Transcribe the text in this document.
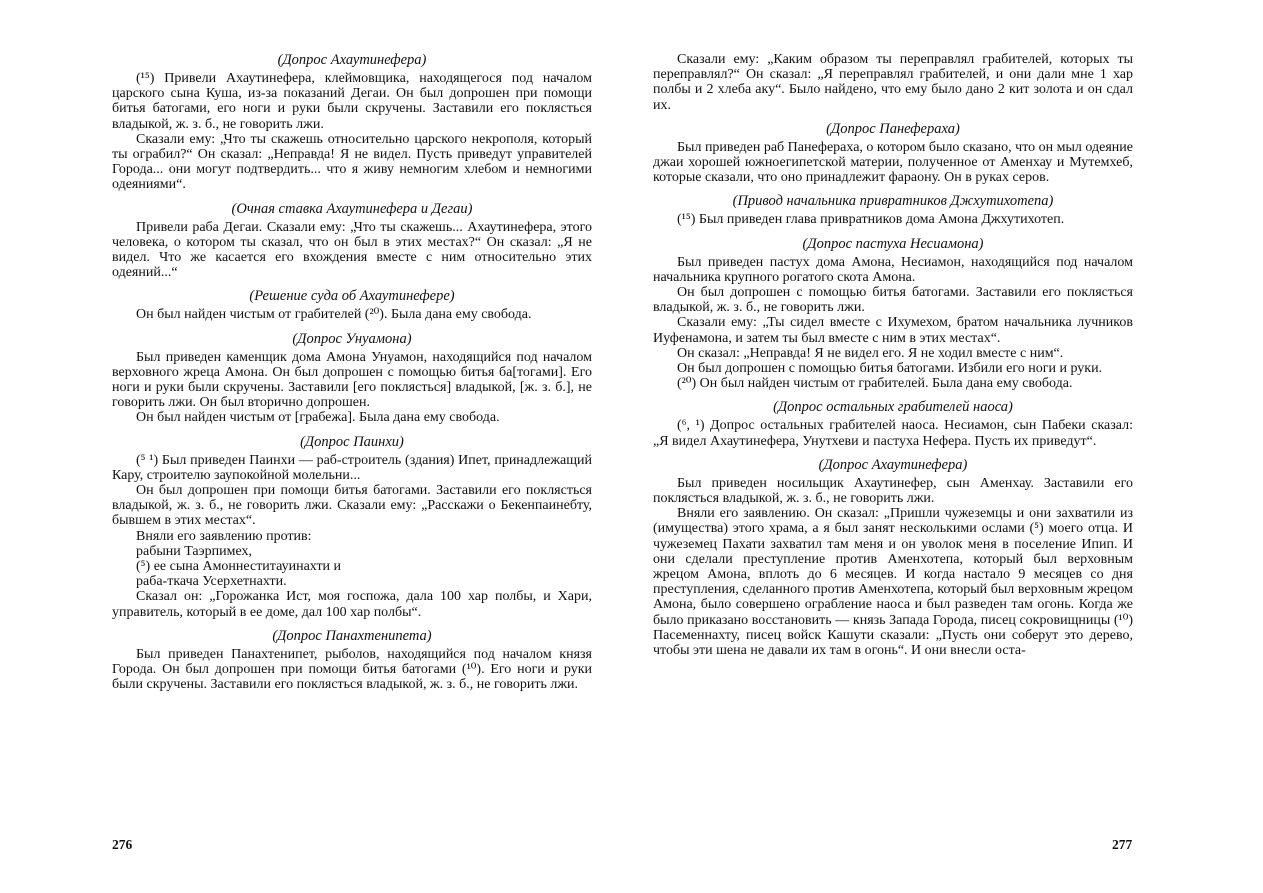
(Допрос Ахаутинефера)

(¹⁵) Привели Ахаутинефера, клеймовщика, находящегося под началом царского сына Куша, из-за показаний Дегаи. Он был допрошен при помощи битья батогами, его ноги и руки были скручены. Заставили его поклясться владыкой, ж. з. б., не говорить лжи.

Сказали ему: „Что ты скажешь относительно царского некрополя, который ты ограбил?“ Он сказал: „Неправда! Я не видел. Пусть приведут управителей Города... они могут подтвердить... что я живу немногим хлебом и немногими одеяниями“.

(Очная ставка Ахаутинефера и Дегаи)

Привели раба Дегаи. Сказали ему: „Что ты скажешь... Ахаутинефера, этого человека, о котором ты сказал, что он был в этих местах?“ Он сказал: „Я не видел. Что же касается его вхождения вместе с ним относительно этих одеяний...“

(Решение суда об Ахаутинефере)

Он был найден чистым от грабителей (²⁰). Была дана ему свобода.

(Допрос Унуамона)

Был приведен каменщик дома Амона Унуамон, находящийся под началом верховного жреца Амона. Он был допрошен с помощью битья ба[тогами]. Его ноги и руки были скручены. Заставили [его поклясться] владыкой, [ж. з. б.], не говорить лжи. Он был вторично допрошен.

Он был найден чистым от [грабежа]. Была дана ему свобода.

(Допрос Паинхи)

(⁵ ¹) Был приведен Паинхи — раб-строитель (здания) Ипет, принадлежащий Кару, строителю заупокойной молельни...

Он был допрошен при помощи битья батогами. Заставили его поклясться владыкой, ж. з. б., не говорить лжи. Сказали ему: „Расскажи о Бекенпаинебту, бывшем в этих местах“.

Вняли его заявлению против:

рабыни Таэрпимех,

(⁵) ее сына Амоннеститауинахти и

раба-ткача Усерхетнахти.

Сказал он: „Горожанка Ист, моя госпожа, дала 100 хар полбы, и Хари, управитель, который в ее доме, дал 100 хар полбы“.

(Допрос Панахтенипета)

Был приведен Панахтенипет, рыболов, находящийся под началом князя Города. Он был допрошен при помощи битья батогами (¹⁰). Его ноги и руки были скручены. Заставили его поклясться владыкой, ж. з. б., не говорить лжи.

Сказали ему: „Каким образом ты переправлял грабителей, которых ты переправлял?“ Он сказал: „Я переправлял грабителей, и они дали мне 1 хар полбы и 2 хлеба аку“. Было найдено, что ему было дано 2 кит золота и он сдал их.

(Допрос Панефераха)

Был приведен раб Панефераха, о котором было сказано, что он мыл одеяние джаи хорошей южноегипетской материи, полученное от Аменхау и Мутемхеб, которые сказали, что оно принадлежит фараону. Он в руках серов.

(Привод начальника привратников Джхутихотепа)

(¹⁵) Был приведен глава привратников дома Амона Джхутихотеп.

(Допрос пастуха Несиамона)

Был приведен пастух дома Амона, Несиамон, находящийся под началом начальника крупного рогатого скота Амона.

Он был допрошен с помощью битья батогами. Заставили его поклясться владыкой, ж. з. б., не говорить лжи.

Сказали ему: „Ты сидел вместе с Ихумехом, братом начальника лучников Иуфенамона, и затем ты был вместе с ним в этих местах“.

Он сказал: „Неправда! Я не видел его. Я не ходил вместе с ним“.

Он был допрошен с помощью битья батогами. Избили его ноги и руки.

(²⁰) Он был найден чистым от грабителей. Была дана ему свобода.

(Допрос остальных грабителей наоса)

(⁶, ¹) Допрос остальных грабителей наоса. Несиамон, сын Пабеки сказал: „Я видел Ахаутинефера, Унутхеви и пастуха Нефера. Пусть их приведут“.

(Допрос Ахаутинефера)

Был приведен носильщик Ахаутинефер, сын Аменхау. Заставили его поклясться владыкой, ж. з. б., не говорить лжи.

Вняли его заявлению. Он сказал: „Пришли чужеземцы и они захватили из (имущества) этого храма, а я был занят несколькими ослами (⁵) моего отца. И чужеземец Пахати захватил там меня и он уволок меня в поселение Ипип. И они сделали преступление против Аменхотепа, который был верховным жрецом Амона, вплоть до 6 месяцев. И когда настало 9 месяцев со дня преступления, сделанного против Аменхотепа, который был верховным жрецом Амона, было совершено ограбление наоса и был разведен там огонь. Когда же было приказано восстановить — князь Запада Города, писец сокровищницы (¹⁰) Пасеменнахту, писец войск Кашути сказали: „Пусть они соберут это дерево, чтобы эти шена не давали их там в огонь“. И они внесли оста-

276	277
